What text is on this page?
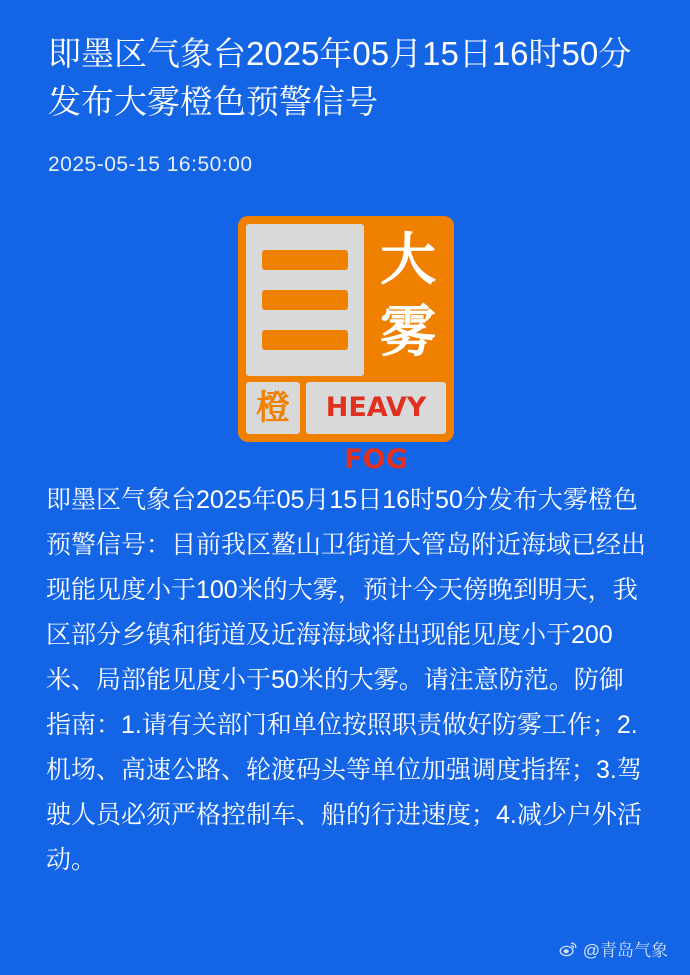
即墨区气象台2025年05月15日16时50分发布大雾橙色预警信号
2025-05-15 16:50:00
大雾
橙	HEAVY FOG
即墨区气象台2025年05月15日16时50分发布大雾橙色预警信号：目前我区鳌山卫街道大管岛附近海域已经出现能见度小于100米的大雾，预计今天傍晚到明天，我区部分乡镇和街道及近海海域将出现能见度小于200米、局部能见度小于50米的大雾。请注意防范。防御指南：1.请有关部门和单位按照职责做好防雾工作；2.机场、高速公路、轮渡码头等单位加强调度指挥；3.驾驶人员必须严格控制车、船的行进速度；4.减少户外活动。
@青岛气象
